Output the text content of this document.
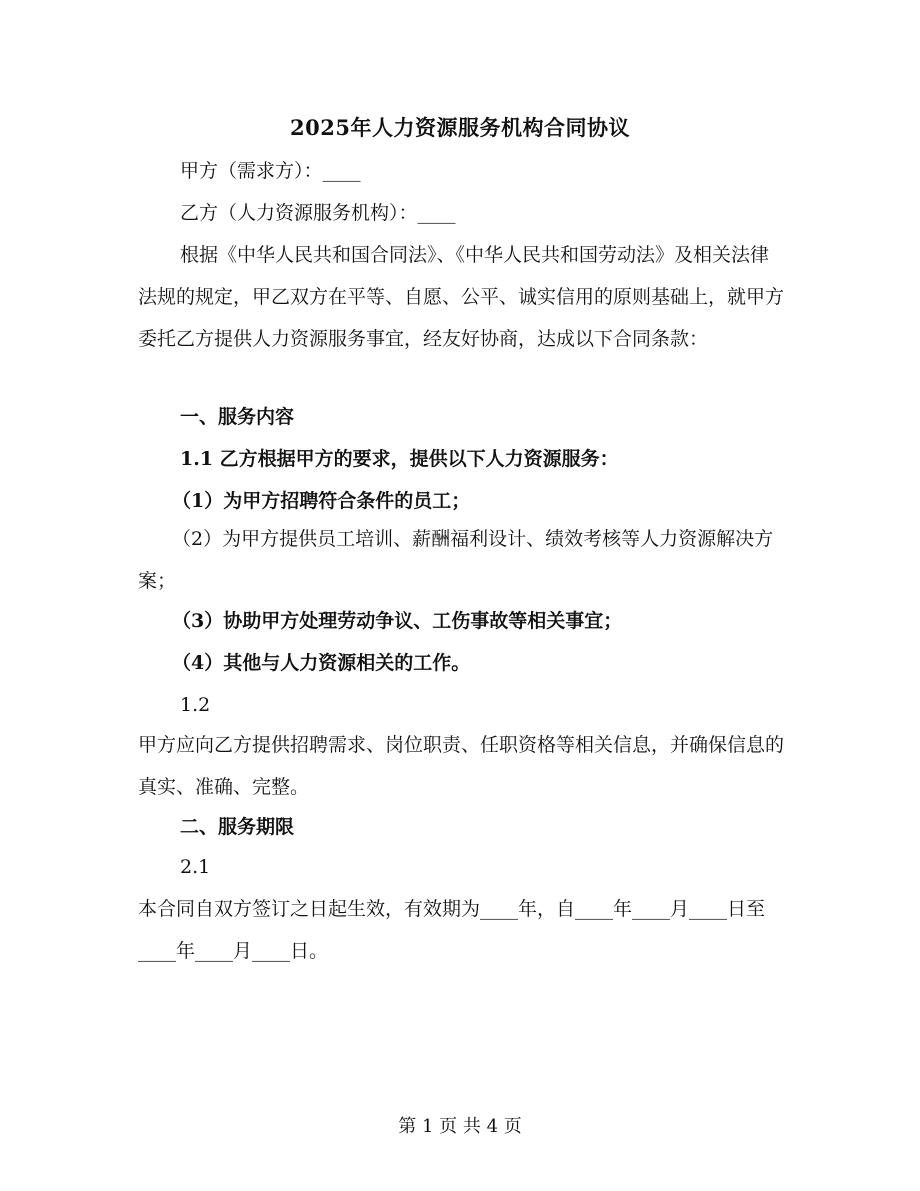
2025年人力资源服务机构合同协议
甲方（需求方）：____
乙方（人力资源服务机构）：____
根据《中华人民共和国合同法》、《中华人民共和国劳动法》及相关法律法规的规定，甲乙双方在平等、自愿、公平、诚实信用的原则基础上，就甲方委托乙方提供人力资源服务事宜，经友好协商，达成以下合同条款：
一、服务内容
1.1 乙方根据甲方的要求，提供以下人力资源服务：
（1）为甲方招聘符合条件的员工；
（2）为甲方提供员工培训、薪酬福利设计、绩效考核等人力资源解决方案；
（3）协助甲方处理劳动争议、工伤事故等相关事宜；
（4）其他与人力资源相关的工作。
1.2
甲方应向乙方提供招聘需求、岗位职责、任职资格等相关信息，并确保信息的真实、准确、完整。
二、服务期限
2.1
本合同自双方签订之日起生效，有效期为____年，自____年____月____日至____年____月____日。
第 1 页 共 4 页
